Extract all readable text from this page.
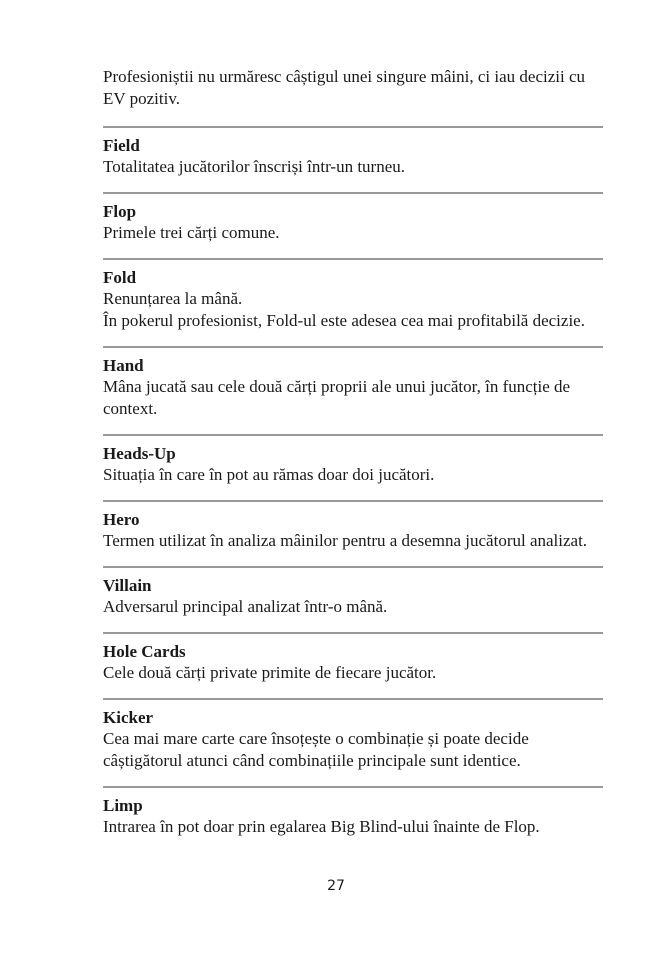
Profesioniștii nu urmăresc câștigul unei singure mâini, ci iau decizii cu EV pozitiv.

Field
Totalitatea jucătorilor înscriși într-un turneu.
Flop
Primele trei cărți comune.
Fold
Renunțarea la mână.
În pokerul profesionist, Fold-ul este adesea cea mai profitabilă decizie.
Hand
Mâna jucată sau cele două cărți proprii ale unui jucător, în funcție de context.
Heads-Up
Situația în care în pot au rămas doar doi jucători.
Hero
Termen utilizat în analiza mâinilor pentru a desemna jucătorul analizat.
Villain
Adversarul principal analizat într-o mână.
Hole Cards
Cele două cărți private primite de fiecare jucător.
Kicker
Cea mai mare carte care însoțește o combinație și poate decide câștigătorul atunci când combinațiile principale sunt identice.
Limp
Intrarea în pot doar prin egalarea Big Blind-ului înainte de Flop.
27
